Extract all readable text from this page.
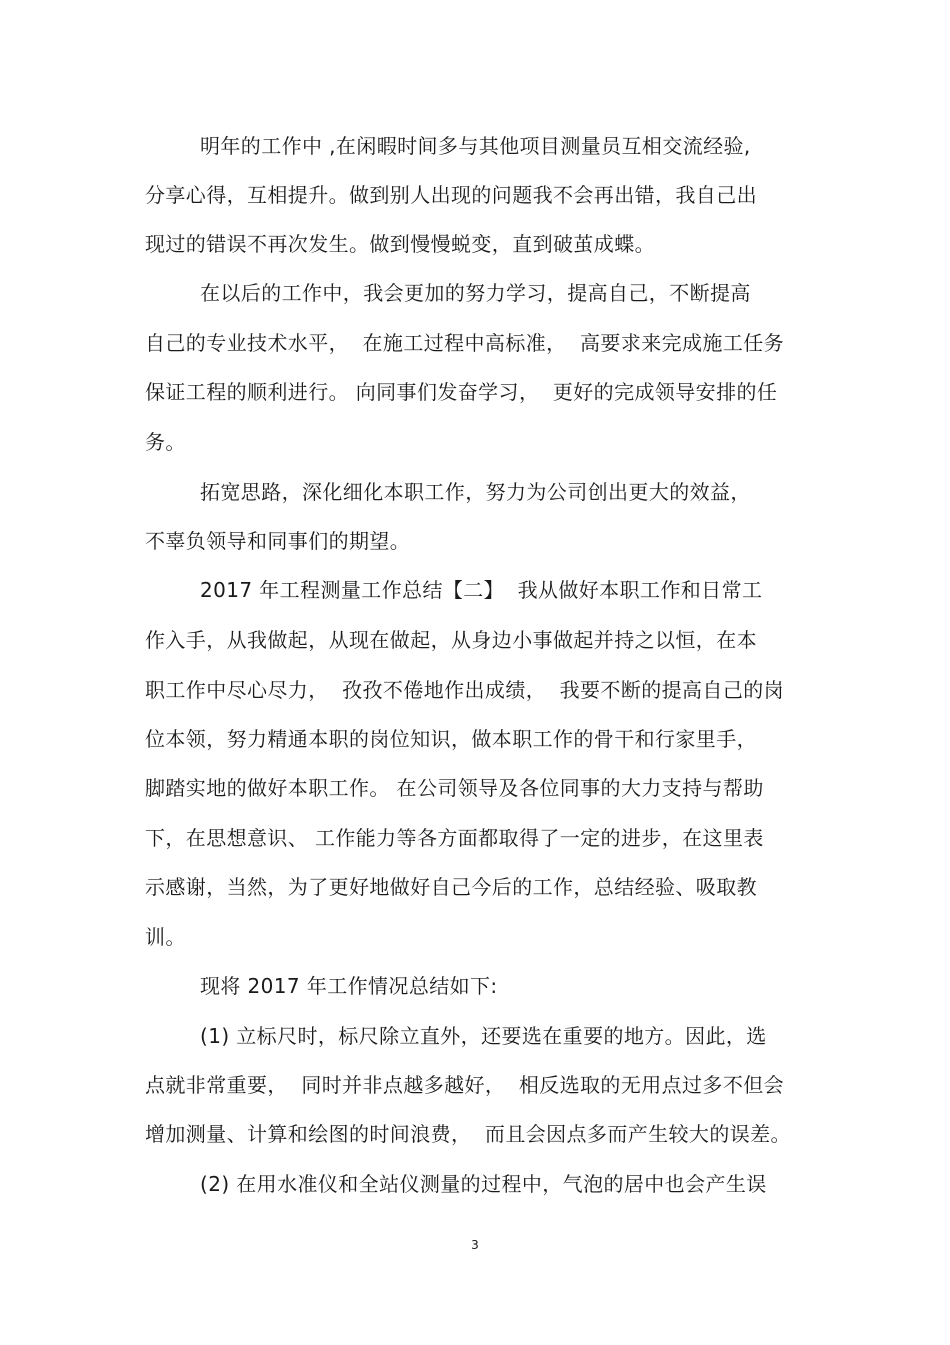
明年的工作中 ,在闲暇时间多与其他项目测量员互相交流经验,
分享心得，互相提升。做到别人出现的问题我不会再出错，我自己出
现过的错误不再次发生。做到慢慢蜕变，直到破茧成蝶。
在以后的工作中，我会更加的努力学习，提高自己，不断提高
自己的专业技术水平，  在施工过程中高标准，  高要求来完成施工任务
保证工程的顺利进行。 向同事们发奋学习，  更好的完成领导安排的任
务。
拓宽思路，深化细化本职工作，努力为公司创出更大的效益，
不辜负领导和同事们的期望。
2017 年工程测量工作总结【二】  我从做好本职工作和日常工
作入手，从我做起，从现在做起，从身边小事做起并持之以恒，在本
职工作中尽心尽力，  孜孜不倦地作出成绩，  我要不断的提高自己的岗
位本领，努力精通本职的岗位知识，做本职工作的骨干和行家里手，
脚踏实地的做好本职工作。 在公司领导及各位同事的大力支持与帮助
下，在思想意识、 工作能力等各方面都取得了一定的进步，在这里表
示感谢，当然，为了更好地做好自己今后的工作，总结经验、吸取教
训。
现将 2017 年工作情况总结如下:
(1) 立标尺时，标尺除立直外，还要选在重要的地方。因此，选
点就非常重要，  同时并非点越多越好，  相反选取的无用点过多不但会
增加测量、计算和绘图的时间浪费，  而且会因点多而产生较大的误差。
(2) 在用水准仪和全站仪测量的过程中，气泡的居中也会产生误
3
